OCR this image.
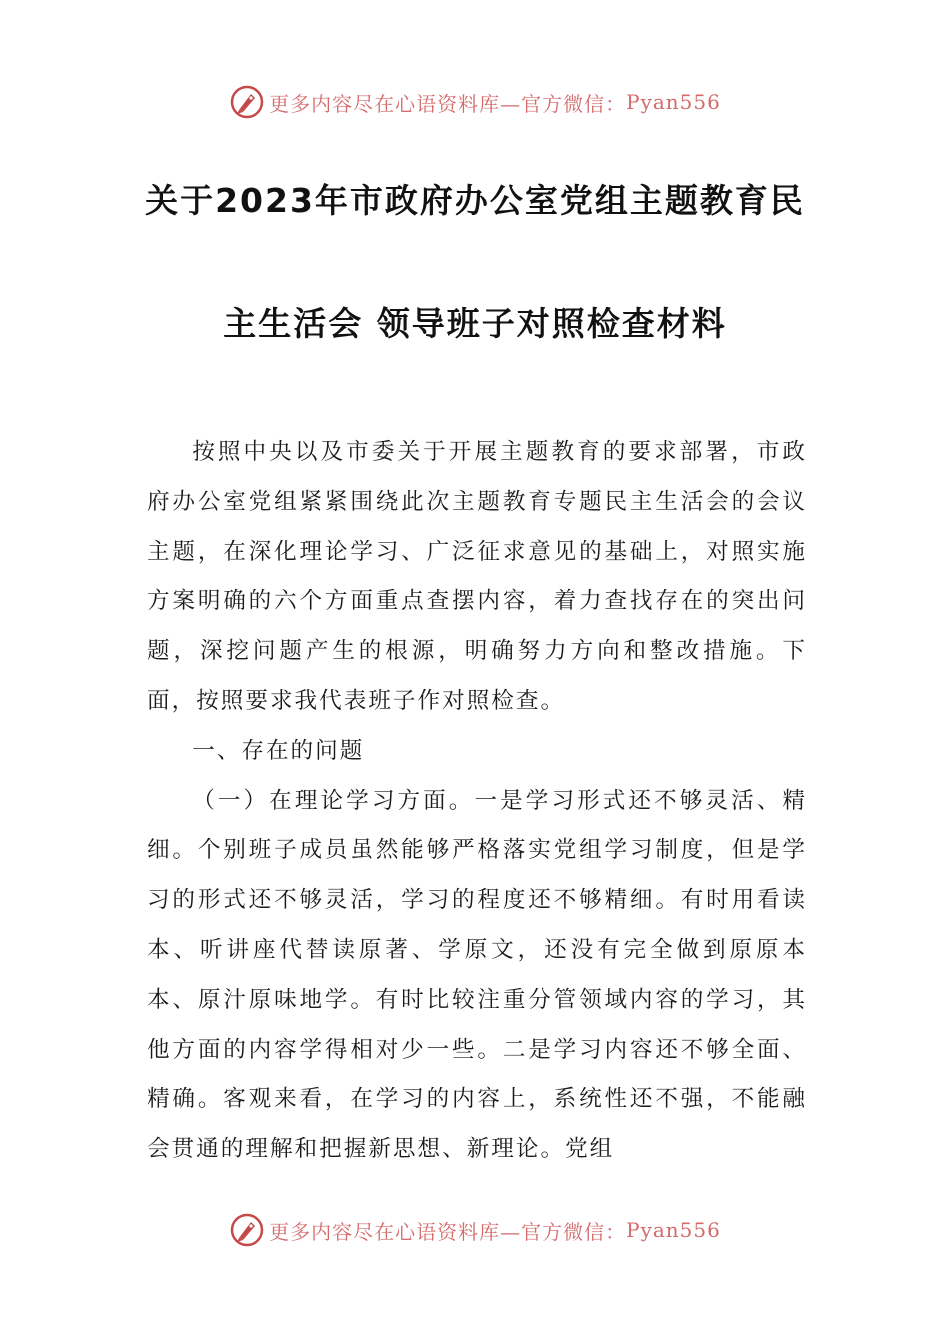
更多内容尽在心语资料库—官方微信： Pyan556
关于2023年市政府办公室党组主题教育民
主生活会 领导班子对照检查材料

按照中央以及市委关于开展主题教育的要求部署，市政府办公室党组紧紧围绕此次主题教育专题民主生活会的会议主题，在深化理论学习、广泛征求意见的基础上，对照实施方案明确的六个方面重点查摆内容，着力查找存在的突出问题，深挖问题产生的根源，明确努力方向和整改措施。下面，按照要求我代表班子作对照检查。

一、存在的问题

（一）在理论学习方面。一是学习形式还不够灵活、精细。个别班子成员虽然能够严格落实党组学习制度，但是学习的形式还不够灵活，学习的程度还不够精细。有时用看读本、听讲座代替读原著、学原文，还没有完全做到原原本本、原汁原味地学。有时比较注重分管领域内容的学习，其他方面的内容学得相对少一些。二是学习内容还不够全面、精确。客观来看，在学习的内容上，系统性还不强，不能融会贯通的理解和把握新思想、新理论。党组

更多内容尽在心语资料库—官方微信： Pyan556
